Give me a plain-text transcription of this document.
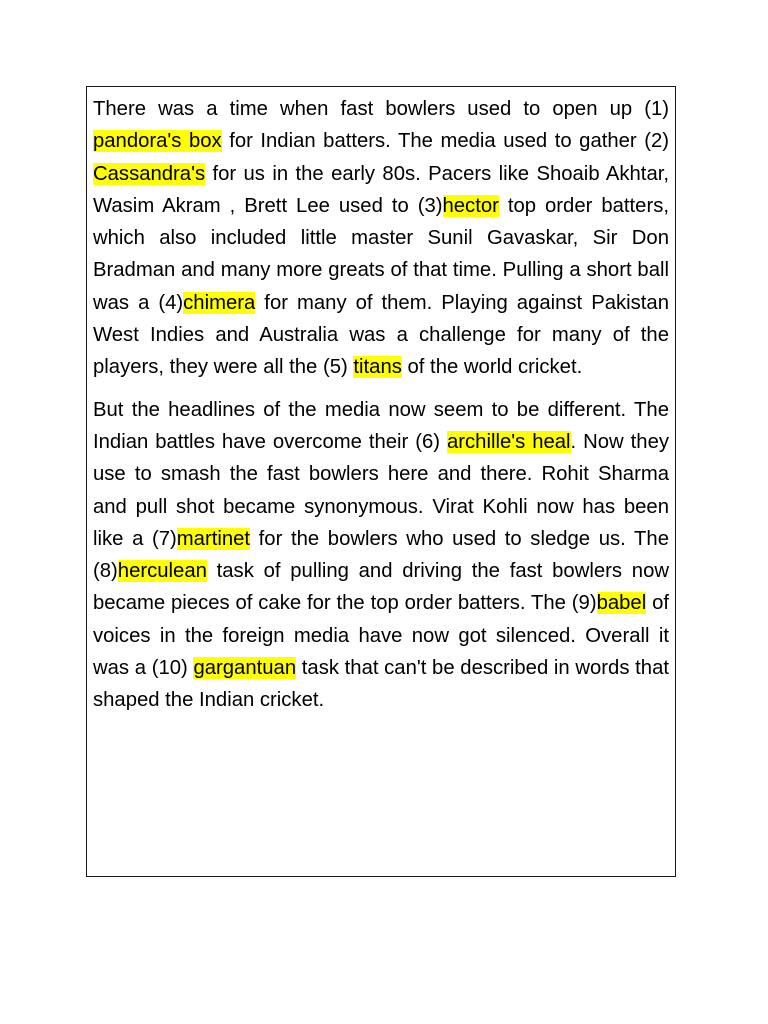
There was a time when fast bowlers used to open up (1) pandora's box for Indian batters. The media used to gather (2) Cassandra's for us in the early 80s. Pacers like Shoaib Akhtar, Wasim Akram , Brett Lee used to (3)hector top order batters, which also included little master Sunil Gavaskar, Sir Don Bradman and many more greats of that time. Pulling a short ball was a (4)chimera for many of them. Playing against Pakistan West Indies and Australia was a challenge for many of the players, they were all the (5) titans of the world cricket.

But the headlines of the media now seem to be different. The Indian battles have overcome their (6) archille's heal. Now they use to smash the fast bowlers here and there. Rohit Sharma and pull shot became synonymous. Virat Kohli now has been like a (7)martinet for the bowlers who used to sledge us. The (8)herculean task of pulling and driving the fast bowlers now became pieces of cake for the top order batters. The (9)babel of voices in the foreign media have now got silenced. Overall it was a (10) gargantuan task that can't be described in words that shaped the Indian cricket.
